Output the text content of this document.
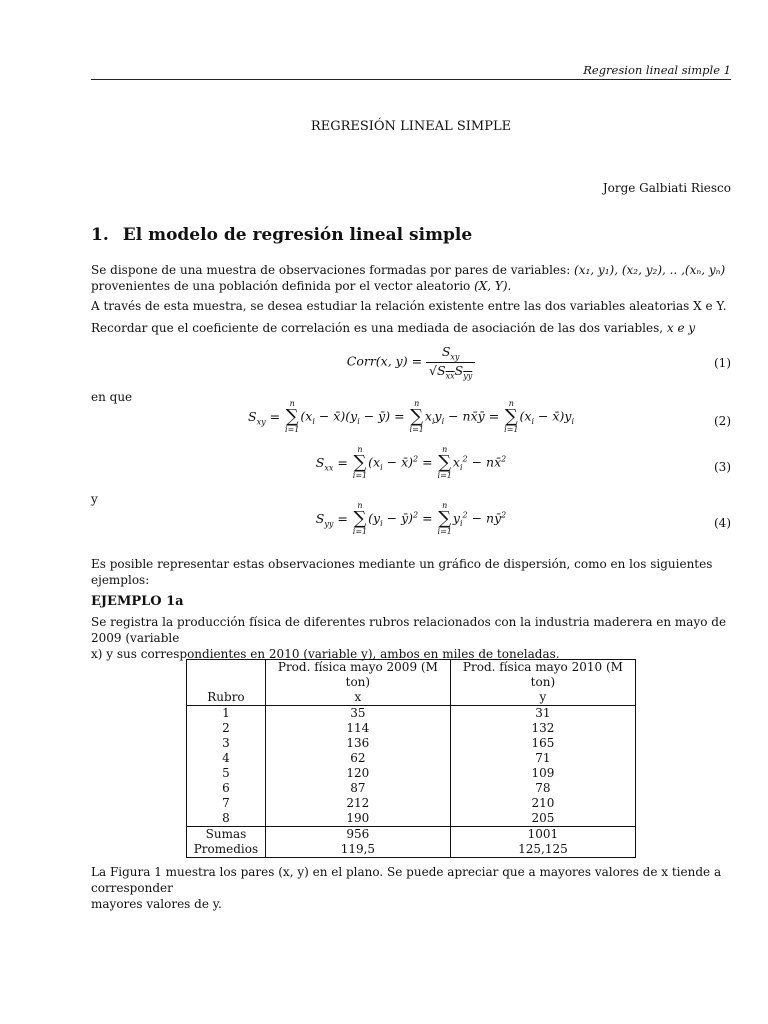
Regresion lineal simple 1
REGRESIÓN LINEAL SIMPLE
Jorge Galbiati Riesco
1. El modelo de regresión lineal simple

Se dispone de una muestra de observaciones formadas por pares de variables: (x₁, y₁), (x₂, y₂), .. ,(xₙ, yₙ)
provenientes de una población definida por el vector aleatorio (X, Y).

A través de esta muestra, se desea estudiar la relación existente entre las dos variables aleatorias X e Y.

Recordar que el coeficiente de correlación es una mediada de asociación de las dos variables, x e y

Corr(x, $y) = \frac{S_{xy}}{√S_{xx}S_{yy}}$	(1)

en que

$S_{xy}$ =
n
∑
i=1
($x_i$ − $x̄)(y_i$ − ȳ) =
n
∑
i=1
$x_iy_i$ − nx̄ȳ =
n
∑
i=1
($x_i$ − $x̄)y_i$	(2)
$S_{xx}$ =
n
∑
i=1
($x_i$ − x̄)$^2$ =
n
∑
i=1
$x_i^2$ − nx̄$^2$
(3)

y

$S_{yy}$ =
n
∑
i=1
($y_i$ − ȳ)$^2$ =
n
∑
i=1
$y_i^2$ − $nȳ^2$
(4)

Es posible representar estas observaciones mediante un gráfico de dispersión, como en los siguientes ejemplos:

EJEMPLO 1a

Se registra la producción física de diferentes rubros relacionados con la industria maderera en mayo de 2009 (variable
x) y sus correspondientes en 2010 (variable y), ambos en miles de toneladas.

	Prod. física mayo 2009 (M ton)	Prod. física mayo 2010 (M ton)
Rubro	x	y
1	35	31
2	114	132
3	136	165
4	62	71
5	120	109
6	87	78
7	212	210
8	190	205
Sumas	956	1001
Promedios	119,5	125,125

La Figura 1 muestra los pares (x, y) en el plano. Se puede apreciar que a mayores valores de x tiende a corresponder
mayores valores de y.
